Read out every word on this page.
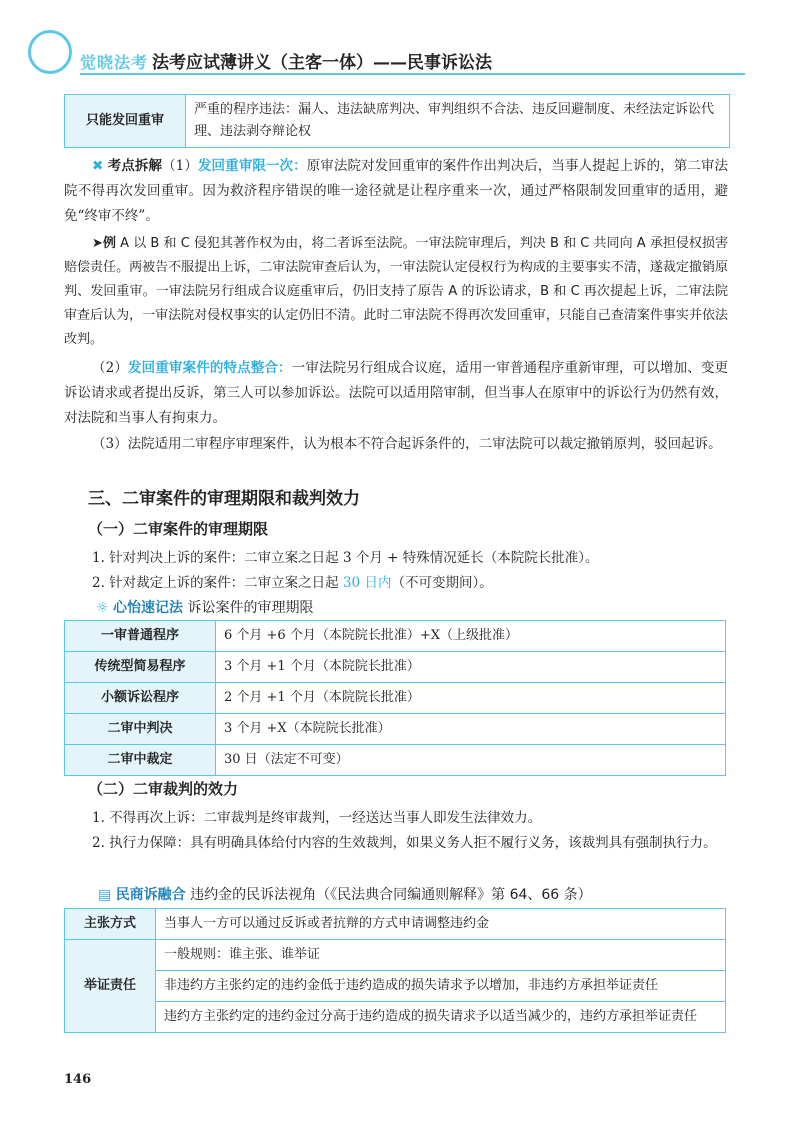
觉晓法考 法考应试薄讲义（主客一体）——民事诉讼法
只能发回重审	严重的程序违法：漏人、违法缺席判决、审判组织不合法、违反回避制度、未经法定诉讼代理、违法剥夺辩论权
✖ 考点拆解（1）发回重审限一次：原审法院对发回重审的案件作出判决后，当事人提起上诉的，第二审法院不得再次发回重审。因为救济程序错误的唯一途径就是让程序重来一次，通过严格限制发回重审的适用，避免“终审不终”。
➤例 A 以 B 和 C 侵犯其著作权为由，将二者诉至法院。一审法院审理后，判决 B 和 C 共同向 A 承担侵权损害赔偿责任。两被告不服提出上诉，二审法院审查后认为，一审法院认定侵权行为构成的主要事实不清，遂裁定撤销原判、发回重审。一审法院另行组成合议庭重审后，仍旧支持了原告 A 的诉讼请求，B 和 C 再次提起上诉，二审法院审查后认为，一审法院对侵权事实的认定仍旧不清。此时二审法院不得再次发回重审，只能自己查清案件事实并依法改判。
（2）发回重审案件的特点整合：一审法院另行组成合议庭，适用一审普通程序重新审理，可以增加、变更诉讼请求或者提出反诉，第三人可以参加诉讼。法院可以适用陪审制，但当事人在原审中的诉讼行为仍然有效，对法院和当事人有拘束力。
（3）法院适用二审程序审理案件，认为根本不符合起诉条件的，二审法院可以裁定撤销原判，驳回起诉。
三、二审案件的审理期限和裁判效力
（一）二审案件的审理期限
1. 针对判决上诉的案件：二审立案之日起 3 个月 + 特殊情况延长（本院院长批准）。
2. 针对裁定上诉的案件：二审立案之日起 30 日内（不可变期间）。
☼ 心怡速记法 诉讼案件的审理期限
一审普通程序	6 个月 +6 个月（本院院长批准）+X（上级批准）
传统型简易程序	3 个月 +1 个月（本院院长批准）
小额诉讼程序	2 个月 +1 个月（本院院长批准）
二审中判决	3 个月 +X（本院院长批准）
二审中裁定	30 日（法定不可变）
（二）二审裁判的效力
1. 不得再次上诉：二审裁判是终审裁判，一经送达当事人即发生法律效力。
2. 执行力保障：具有明确具体给付内容的生效裁判，如果义务人拒不履行义务，该裁判具有强制执行力。
▤ 民商诉融合 违约金的民诉法视角（《民法典合同编通则解释》第 64、66 条）
主张方式	当事人一方可以通过反诉或者抗辩的方式申请调整违约金
举证责任	一般规则：谁主张、谁举证
	非违约方主张约定的违约金低于违约造成的损失请求予以增加，非违约方承担举证责任
	违约方主张约定的违约金过分高于违约造成的损失请求予以适当减少的，违约方承担举证责任
146
